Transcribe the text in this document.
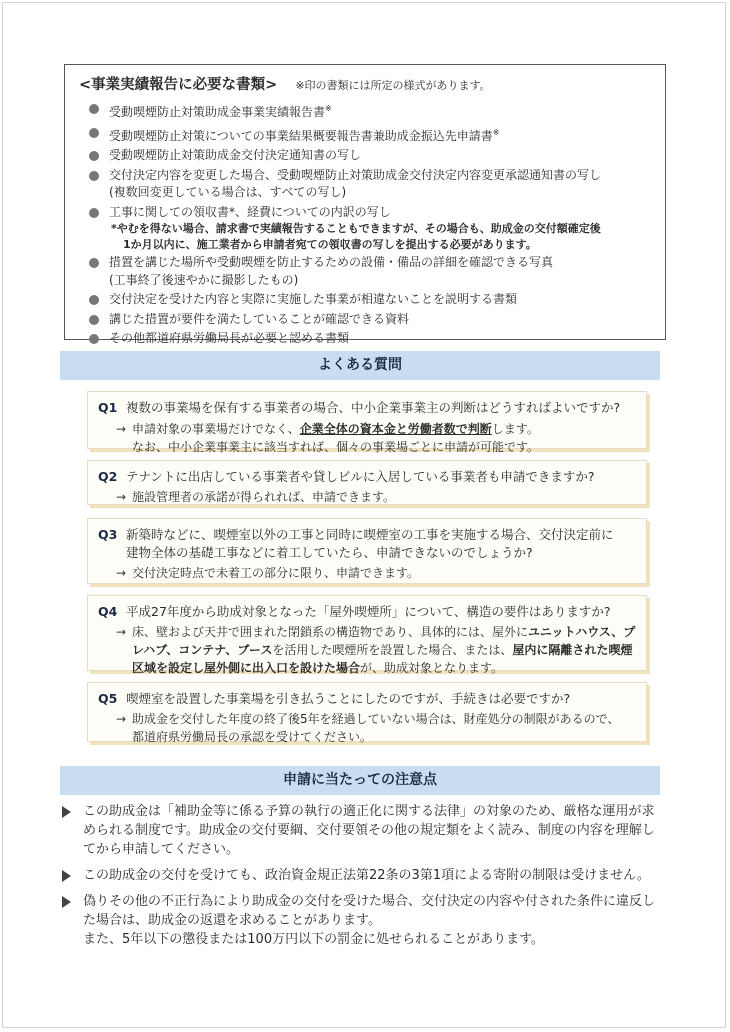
<事業実績報告に必要な書類> ※印の書類には所定の様式があります。
受動喫煙防止対策助成金事業実績報告書※
受動喫煙防止対策についての事業結果概要報告書兼助成金振込先申請書※
受動喫煙防止対策助成金交付決定通知書の写し
交付決定内容を変更した場合、受動喫煙防止対策助成金交付決定内容変更承認通知書の写し
(複数回変更している場合は、すべての写し)
工事に関しての領収書*、経費についての内訳の写し
*やむを得ない場合、請求書で実績報告することもできますが、その場合も、助成金の交付額確定後
1か月以内に、施工業者から申請者宛ての領収書の写しを提出する必要があります。
措置を講じた場所や受動喫煙を防止するための設備・備品の詳細を確認できる写真
(工事終了後速やかに撮影したもの)
交付決定を受けた内容と実際に実施した事業が相違ないことを説明する書類
講じた措置が要件を満たしていることが確認できる資料
その他都道府県労働局長が必要と認める書類
よくある質問
Q1 複数の事業場を保有する事業者の場合、中小企業事業主の判断はどうすればよいですか?
→ 申請対象の事業場だけでなく、企業全体の資本金と労働者数で判断します。
なお、中小企業事業主に該当すれば、個々の事業場ごとに申請が可能です。
Q2 テナントに出店している事業者や貸しビルに入居している事業者も申請できますか?
→ 施設管理者の承諾が得られれば、申請できます。
Q3 新築時などに、喫煙室以外の工事と同時に喫煙室の工事を実施する場合、交付決定前に
建物全体の基礎工事などに着工していたら、申請できないのでしょうか?
→ 交付決定時点で未着工の部分に限り、申請できます。
Q4 平成27年度から助成対象となった「屋外喫煙所」について、構造の要件はありますか?
→ 床、壁および天井で囲まれた閉鎖系の構造物であり、具体的には、屋外にユニットハウス、プレハブ、コンテナ、ブースを活用した喫煙所を設置した場合、または、屋内に隔離された喫煙区域を設定し屋外側に出入口を設けた場合が、助成対象となります。
Q5 喫煙室を設置した事業場を引き払うことにしたのですが、手続きは必要ですか?
→ 助成金を交付した年度の終了後5年を経過していない場合は、財産処分の制限があるので、
都道府県労働局長の承認を受けてください。
申請に当たっての注意点
この助成金は「補助金等に係る予算の執行の適正化に関する法律」の対象のため、厳格な運用が求められる制度です。助成金の交付要綱、交付要領その他の規定類をよく読み、制度の内容を理解してから申請してください。
この助成金の交付を受けても、政治資金規正法第22条の3第1項による寄附の制限は受けません。
偽りその他の不正行為により助成金の交付を受けた場合、交付決定の内容や付された条件に違反した場合は、助成金の返還を求めることがあります。
また、5年以下の懲役または100万円以下の罰金に処せられることがあります。
